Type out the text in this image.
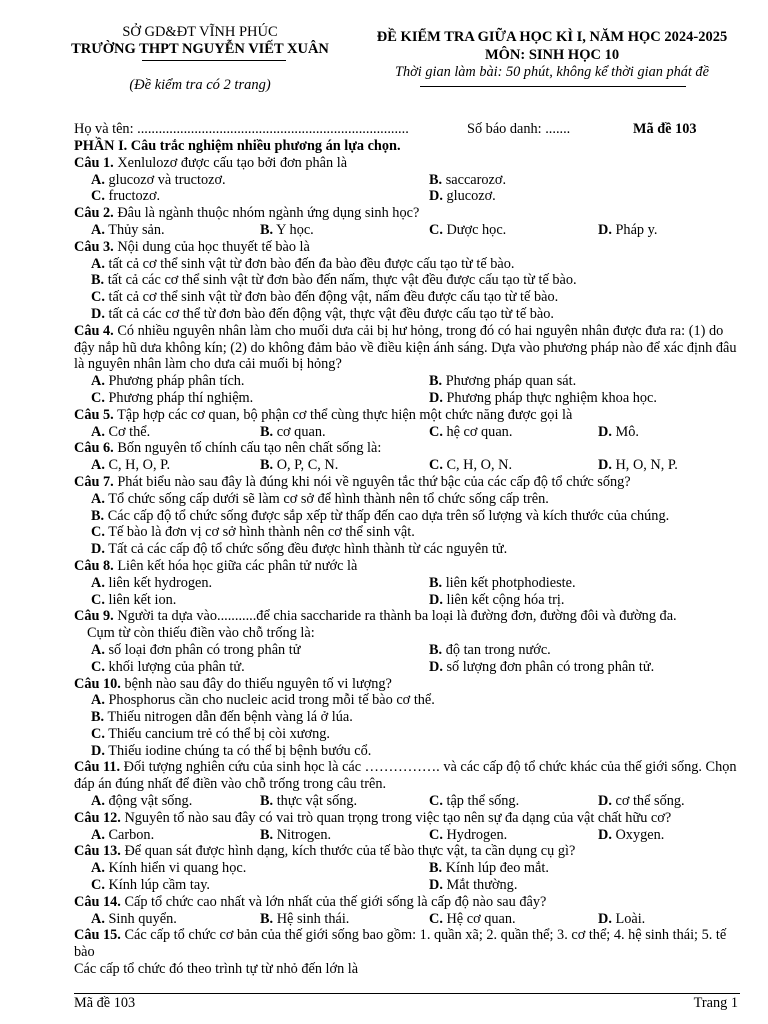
SỞ GD&ĐT VĨNH PHÚC
TRƯỜNG THPT NGUYỄN VIẾT XUÂN
(Đề kiểm tra có 2 trang)
ĐỀ KIỂM TRA GIỮA HỌC KÌ I, NĂM HỌC 2024-2025
MÔN: SINH HỌC 10
Thời gian làm bài: 50 phút, không kể thời gian phát đề
Họ và tên: ............................................................................	Số báo danh: .......	Mã đề 103
PHẦN I. Câu trắc nghiệm nhiều phương án lựa chọn.
Câu 1. Xenlulozơ được cấu tạo bởi đơn phân là
A. glucozơ và tructozơ.	B. saccarozơ.
C. fructozơ.	D. glucozơ.
Câu 2. Đâu là ngành thuộc nhóm ngành ứng dụng sinh học?
A. Thủy sản.	B. Y học.	C. Dược học.	D. Pháp y.
Câu 3. Nội dung của học thuyết tế bào là
A. tất cả cơ thể sinh vật từ đơn bào đến đa bào đều được cấu tạo từ tế bào.
B. tất cả các cơ thể sinh vật từ đơn bào đến nấm, thực vật đều được cấu tạo từ tế bào.
C. tất cả cơ thể sinh vật từ đơn bào đến động vật, nấm đều được cấu tạo từ tế bào.
D. tất cả các cơ thể từ đơn bào đến động vật, thực vật đều được cấu tạo từ tế bào.
Câu 4. Có nhiều nguyên nhân làm cho muối dưa cải bị hư hỏng, trong đó có hai nguyên nhân được đưa ra: (1) do đậy nắp hũ dưa không kín; (2) do không đảm bảo về điều kiện ánh sáng. Dựa vào phương pháp nào để xác định đâu là nguyên nhân làm cho dưa cải muối bị hỏng?
A. Phương pháp phân tích.	B. Phương pháp quan sát.
C. Phương pháp thí nghiệm.	D. Phương pháp thực nghiệm khoa học.
Câu 5. Tập hợp các cơ quan, bộ phận cơ thể cùng thực hiện một chức năng được gọi là
A. Cơ thể.	B. cơ quan.	C. hệ cơ quan.	D. Mô.
Câu 6. Bốn nguyên tố chính cấu tạo nên chất sống là:
A. C, H, O, P.	B. O, P, C, N.	C. C, H, O, N.	D. H, O, N, P.
Câu 7. Phát biểu nào sau đây là đúng khi nói về nguyên tắc thứ bậc của các cấp độ tổ chức sống?
A. Tổ chức sống cấp dưới sẽ làm cơ sở để hình thành nên tổ chức sống cấp trên.
B. Các cấp độ tổ chức sống được sắp xếp từ thấp đến cao dựa trên số lượng và kích thước của chúng.
C. Tế bào là đơn vị cơ sở hình thành nên cơ thể sinh vật.
D. Tất cả các cấp độ tổ chức sống đều được hình thành từ các nguyên tử.
Câu 8. Liên kết hóa học giữa các phân tử nước là
A. liên kết hydrogen.	B. liên kết photphodieste.
C. liên kết ion.	D. liên kết cộng hóa trị.
Câu 9. Người ta dựa vào...........để chia saccharide ra thành ba loại là đường đơn, đường đôi và đường đa.
Cụm từ còn thiếu điền vào chỗ trống là:
A. số loại đơn phân có trong phân tử	B. độ tan trong nước.
C. khối lượng của phân tử.	D. số lượng đơn phân có trong phân tử.
Câu 10. bệnh nào sau đây do thiếu nguyên tố vi lượng?
A. Phosphorus cần cho nucleic acid trong mỗi tế bào cơ thể.
B. Thiếu nitrogen dẫn đến bệnh vàng lá ở lúa.
C. Thiếu cancium trẻ có thể bị còi xương.
D. Thiếu iodine chúng ta có thể bị bệnh bướu cổ.
Câu 11. Đối tượng nghiên cứu của sinh học là các ……………. và các cấp độ tổ chức khác của thế giới sống. Chọn đáp án đúng nhất để điền vào chỗ trống trong câu trên.
A. động vật sống.	B. thực vật sống.	C. tập thể sống.	D. cơ thể sống.
Câu 12. Nguyên tố nào sau đây có vai trò quan trọng trong việc tạo nên sự đa dạng của vật chất hữu cơ?
A. Carbon.	B. Nitrogen.	C. Hydrogen.	D. Oxygen.
Câu 13. Để quan sát được hình dạng, kích thước của tế bào thực vật, ta cần dụng cụ gì?
A. Kính hiển vi quang học.	B. Kính lúp đeo mắt.
C. Kính lúp cầm tay.	D. Mắt thường.
Câu 14. Cấp tổ chức cao nhất và lớn nhất của thế giới sống là cấp độ nào sau đây?
A. Sinh quyển.	B. Hệ sinh thái.	C. Hệ cơ quan.	D. Loài.
Câu 15. Các cấp tổ chức cơ bản của thế giới sống bao gồm: 1. quần xã; 2. quần thể; 3. cơ thể; 4. hệ sinh thái; 5. tế bào
Các cấp tổ chức đó theo trình tự từ nhỏ đến lớn là
Mã đề 103	Trang 1
